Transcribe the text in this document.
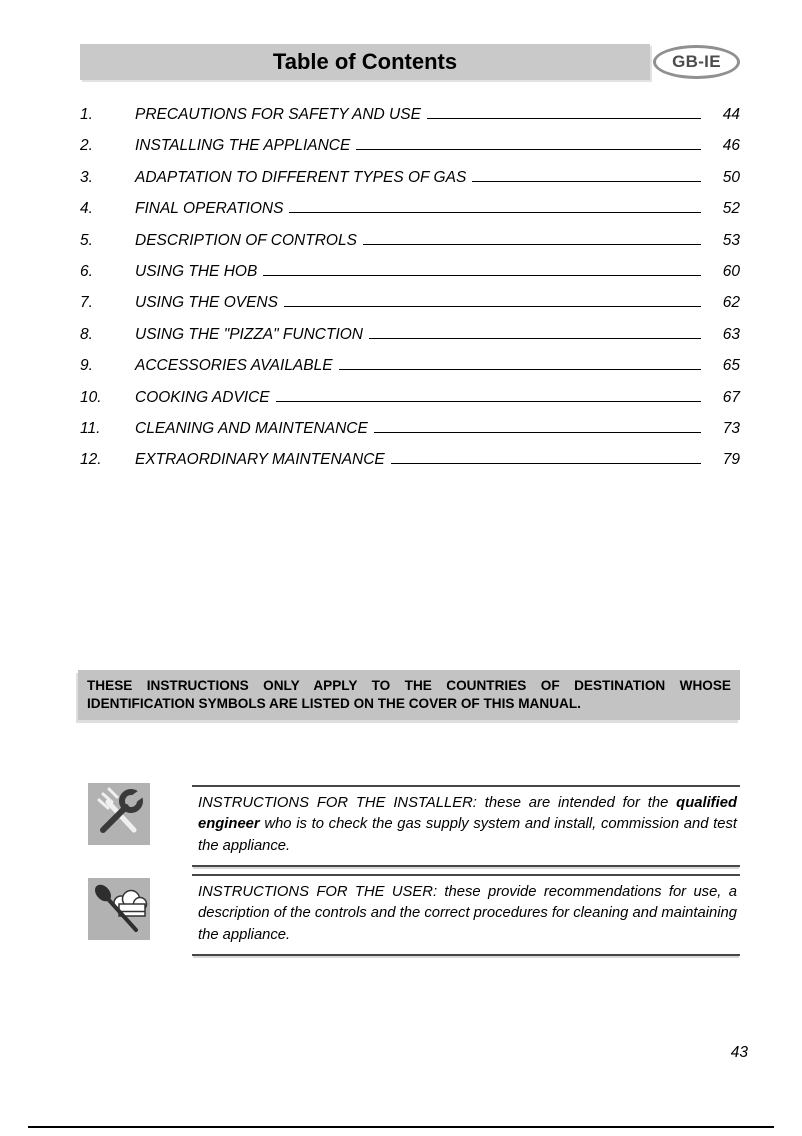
Table of Contents	GB-IE
1.	PRECAUTIONS FOR SAFETY AND USE	44
2.	INSTALLING THE APPLIANCE	46
3.	ADAPTATION TO DIFFERENT TYPES OF GAS	50
4.	FINAL OPERATIONS	52
5.	DESCRIPTION OF CONTROLS	53
6.	USING THE HOB	60
7.	USING THE OVENS	62
8.	USING THE "PIZZA" FUNCTION	63
9.	ACCESSORIES AVAILABLE	65
10.	COOKING ADVICE	67
11.	CLEANING AND MAINTENANCE	73
12.	EXTRAORDINARY MAINTENANCE	79
THESE INSTRUCTIONS ONLY APPLY TO THE COUNTRIES OF DESTINATION WHOSE IDENTIFICATION SYMBOLS ARE LISTED ON THE COVER OF THIS MANUAL.
INSTRUCTIONS FOR THE INSTALLER: these are intended for the qualified engineer who is to check the gas supply system and install, commission and test the appliance.
INSTRUCTIONS FOR THE USER: these provide recommendations for use, a description of the controls and the correct procedures for cleaning and maintaining the appliance.
43
